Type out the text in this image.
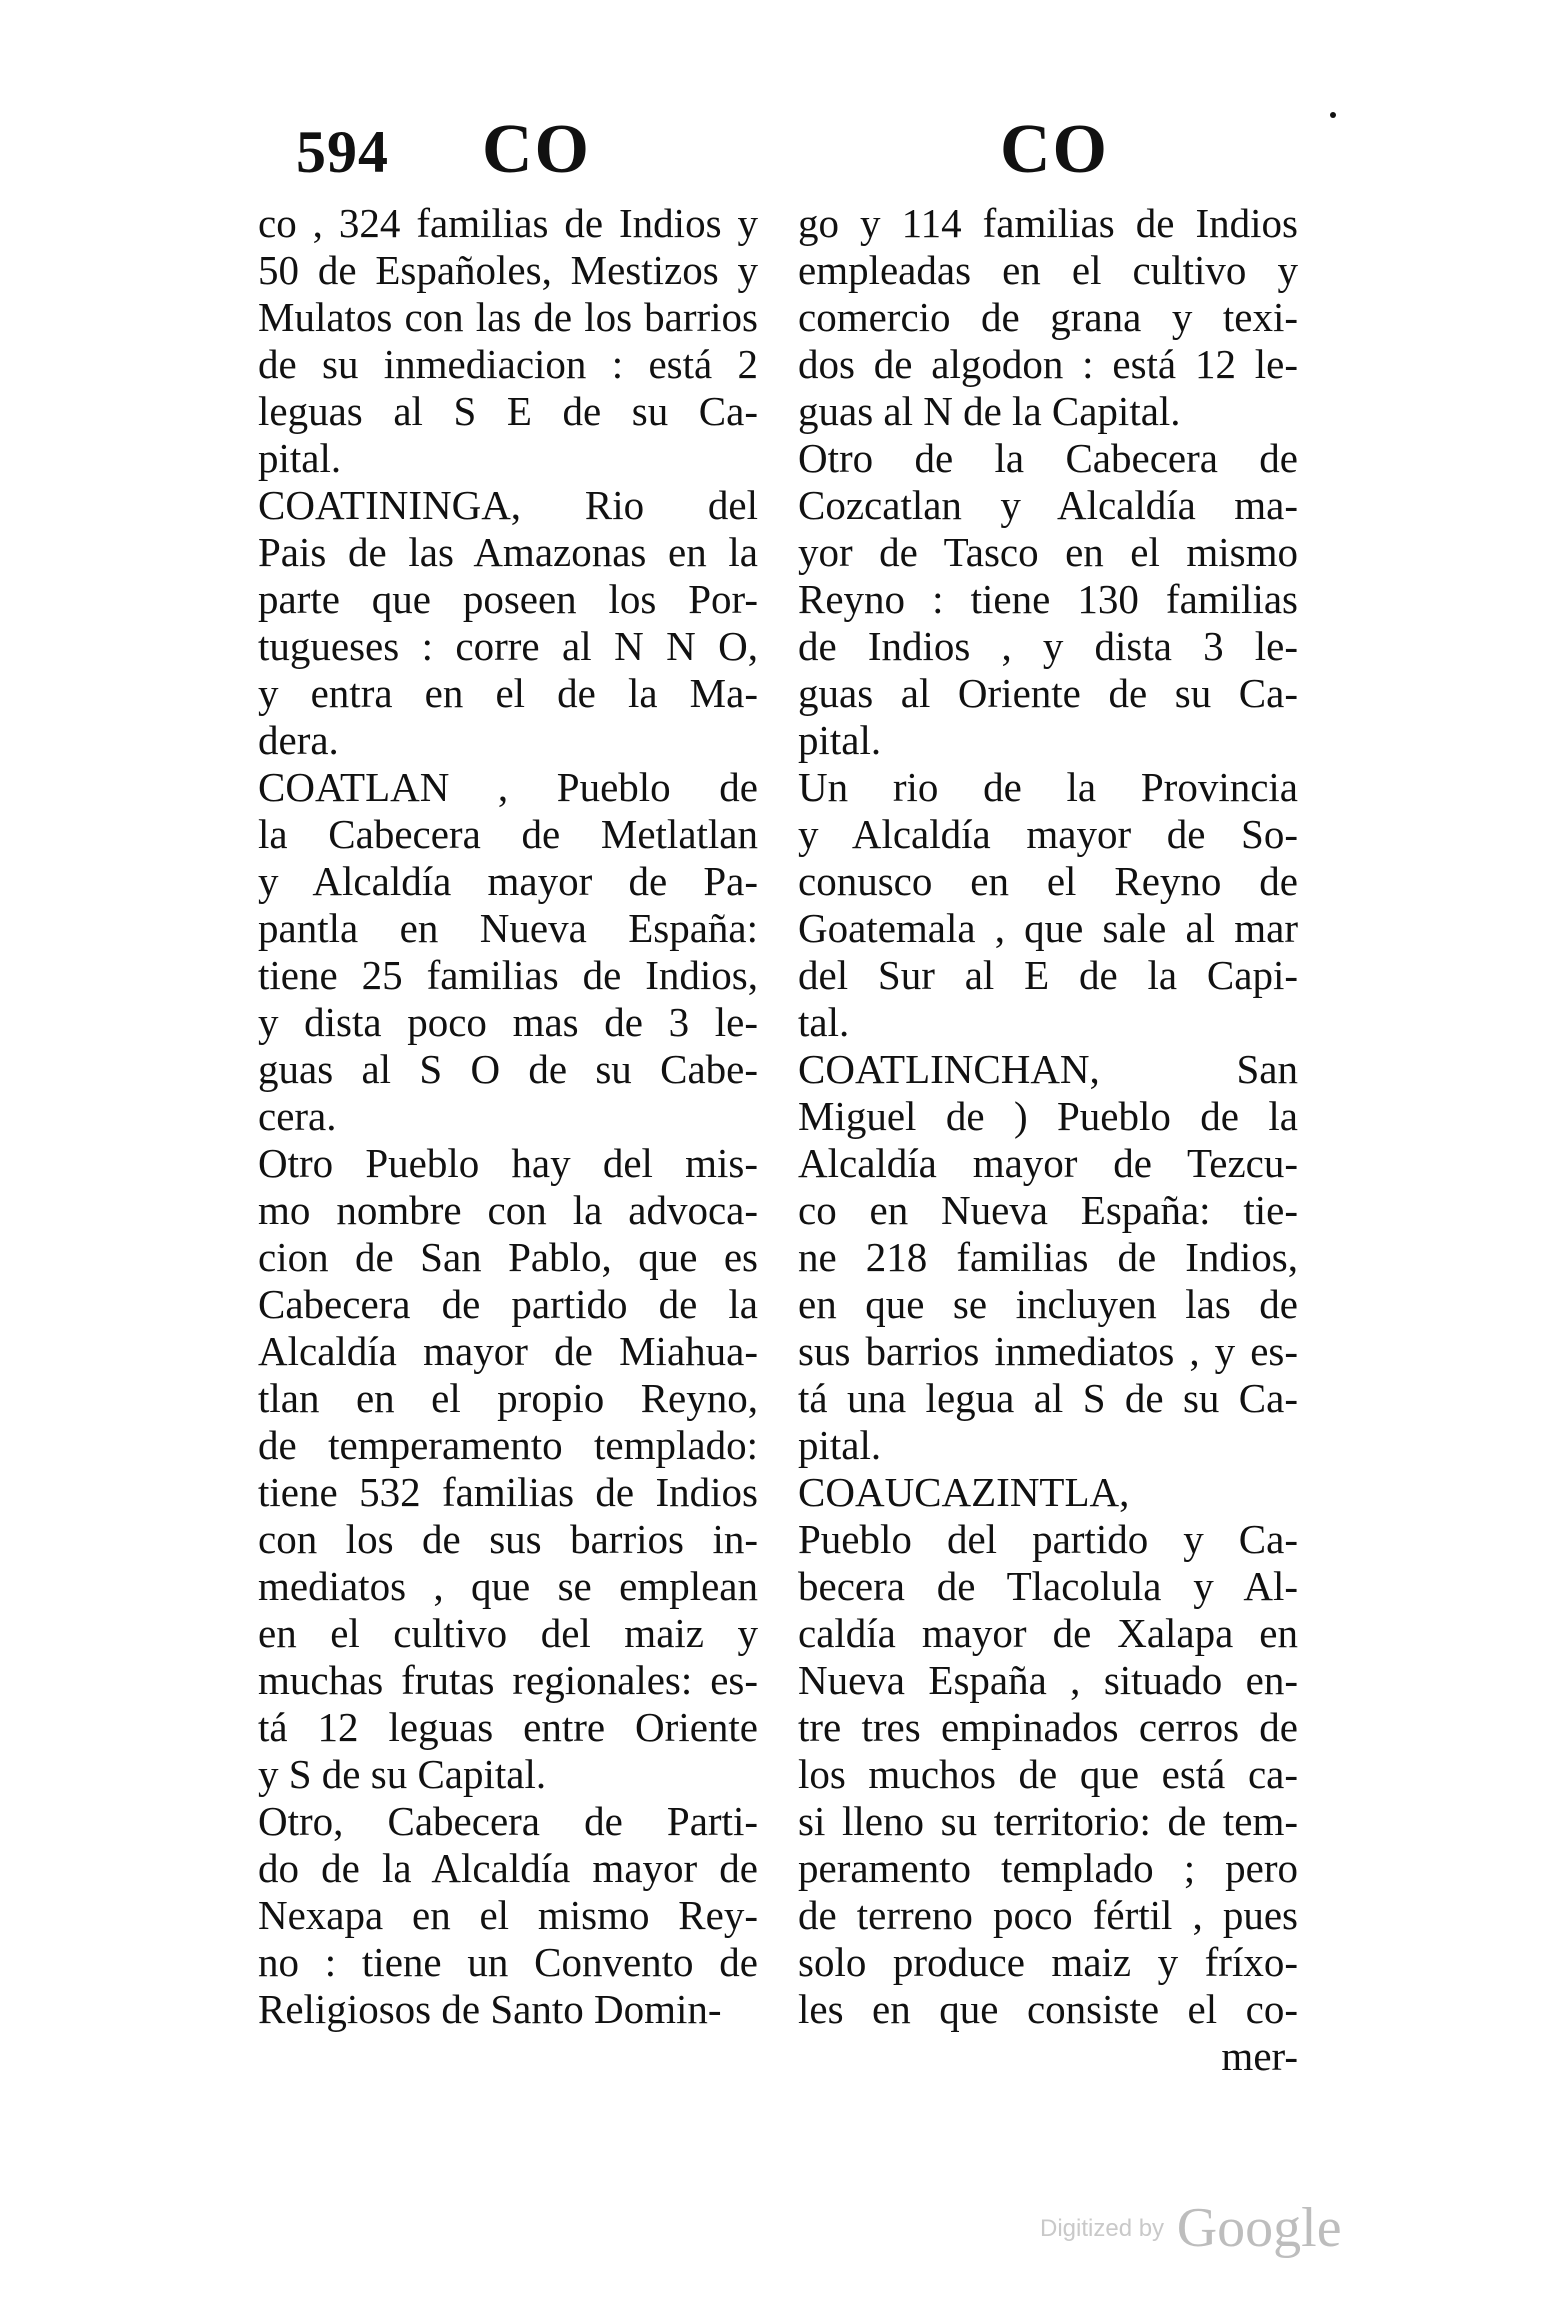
594 CO	CO
co , 324 familias de Indios y
50 de Españoles, Mestizos y
Mulatos con las de los barrios
de su inmediacion : está 2
leguas al S E de su Ca-
pital.
COATININGA, Rio del
Pais de las Amazonas en la
parte que poseen los Por-
tugueses : corre al N N O,
y entra en el de la Ma-
dera.
COATLAN , Pueblo de
la Cabecera de Metlatlan
y Alcaldía mayor de Pa-
pantla en Nueva España:
tiene 25 familias de Indios,
y dista poco mas de 3 le-
guas al S O de su Cabe-
cera.
Otro Pueblo hay del mis-
mo nombre con la advoca-
cion de San Pablo, que es
Cabecera de partido de la
Alcaldía mayor de Miahua-
tlan en el propio Reyno,
de temperamento templado:
tiene 532 familias de Indios
con los de sus barrios in-
mediatos , que se emplean
en el cultivo del maiz y
muchas frutas regionales: es-
tá 12 leguas entre Oriente
y S de su Capital.
Otro, Cabecera de Parti-
do de la Alcaldía mayor de
Nexapa en el mismo Rey-
no : tiene un Convento de
Religiosos de Santo Domin-
go y 114 familias de Indios
empleadas en el cultivo y
comercio de grana y texi-
dos de algodon : está 12 le-
guas al N de la Capital.
Otro de la Cabecera de
Cozcatlan y Alcaldía ma-
yor de Tasco en el mismo
Reyno : tiene 130 familias
de Indios , y dista 3 le-
guas al Oriente de su Ca-
pital.
Un rio de la Provincia
y Alcaldía mayor de So-
conusco en el Reyno de
Goatemala , que sale al mar
del Sur al E de la Capi-
tal.
COATLINCHAN, San
Miguel de ) Pueblo de la
Alcaldía mayor de Tezcu-
co en Nueva España: tie-
ne 218 familias de Indios,
en que se incluyen las de
sus barrios inmediatos , y es-
tá una legua al S de su Ca-
pital.
COAUCAZINTLA,
Pueblo del partido y Ca-
becera de Tlacolula y Al-
caldía mayor de Xalapa en
Nueva España , situado en-
tre tres empinados cerros de
los muchos de que está ca-
si lleno su territorio: de tem-
peramento templado ; pero
de terreno poco fértil , pues
solo produce maiz y fríxo-
les en que consiste el co-
mer-
Digitized by Google
